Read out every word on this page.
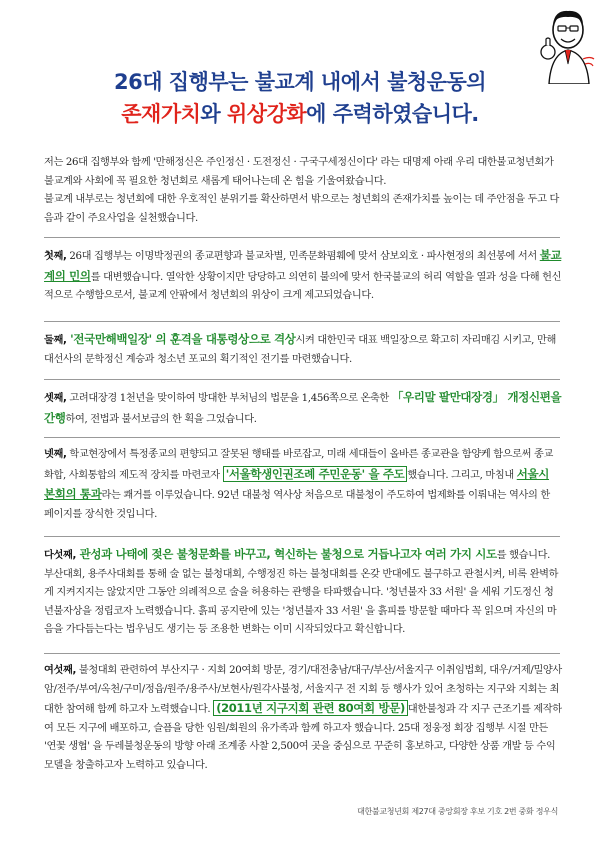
26대 집행부는 불교계 내에서 불청운동의
존재가치와 위상강화에 주력하였습니다.

저는 26대 집행부와 함께 '만해정신은 주인정신 · 도전정신 · 구국구세정신이다' 라는 대명제 아래 우리 대한불교청년회가 불교계와 사회에 꼭 필요한 청년회로 새롭게 태어나는데 온 힘을 기울여왔습니다.

불교계 내부로는 청년회에 대한 우호적인 분위기를 확산하면서 밖으로는 청년회의 존재가치를 높이는 데 주안점을 두고 다음과 같이 주요사업을 실천했습니다.

첫째, 26대 집행부는 이명박정권의 종교편향과 불교차별, 민족문화폄훼에 맞서 삼보외호 · 파사현정의 최선봉에 서서 불교계의 민의를 대변했습니다. 열악한 상황이지만 당당하고 의연히 불의에 맞서 한국불교의 허리 역할을 열과 성을 다해 헌신적으로 수행함으로서, 불교계 안팎에서 청년회의 위상이 크게 제고되었습니다.

둘째, '전국만해백일장' 의 훈격을 대통령상으로 격상시켜 대한민국 대표 백일장으로 확고히 자리매김 시키고, 만해대선사의 문학정신 계승과 청소년 포교의 획기적인 전기를 마련했습니다.

셋째, 고려대장경 1천년을 맞이하여 방대한 부처님의 법문을 1,456쪽으로 온축한 「우리말 팔만대장경」 개정신편을 간행하여, 전법과 불서보급의 한 획을 그었습니다.

넷째, 학교현장에서 특정종교의 편향되고 잘못된 행태를 바로잡고, 미래 세대들이 올바른 종교관을 함양케 함으로써 종교화합, 사회통합의 제도적 장치를 마련코자 '서울학생인권조례 주민운동' 을 주도 했습니다. 그리고, 마침내 서울시 본회의 통과라는 쾌거를 이루었습니다. 92년 대불청 역사상 처음으로 대불청이 주도하여 법제화를 이뤄내는 역사의 한 페이지를 장식한 것입니다.

다섯째, 관성과 나태에 젖은 불청문화를 바꾸고, 혁신하는 불청으로 거듭나고자 여러 가지 시도를 했습니다. 부산대회, 용주사대회를 통해 술 없는 불청대회, 수행정진 하는 불청대회를 온갖 반대에도 불구하고 관철시켜, 비록 완벽하게 지켜지지는 않았지만 그동안 의례적으로 술을 허용하는 관행을 타파했습니다. '청년불자 33 서원' 을 세워 기도정신 청년불자상을 정립코자 노력했습니다. 흙피 공지란에 있는 '청년불자 33 서원' 을 흙피를 방문할 때마다 꼭 읽으며 자신의 마음을 가다듬는다는 법우님도 생기는 등 조용한 변화는 이미 시작되었다고 확신합니다.

여섯째, 불청대회 관련하여 부산지구 · 지회 20여회 방문, 경기/대전충남/대구/부산/서울지구 이취임법회, 대우/거제/밀양사암/전주/부여/옥천/구미/정읍/원주/용주사/보현사/원각사불청, 서울지구 전 지회 등 행사가 있어 초청하는 지구와 지회는 최대한 참여해 함께 하고자 노력했습니다. (2011년 지구지회 관련 80여회 방문) 대한불청과 각 지구 근조기를 제작하여 모든 지구에 배포하고, 슬픔을 당한 임원/회원의 유가족과 함께 하고자 했습니다. 25대 정웅정 회장 집행부 시절 만든 '연꽃 생협' 을 두레불청운동의 방향 아래 조계종 사찰 2,500여 곳을 중심으로 꾸준히 홍보하고, 다양한 상품 개발 등 수익모델을 창출하고자 노력하고 있습니다.

대한불교청년회 제27대 중앙회장 후보 기호 2번 중화 정우식
